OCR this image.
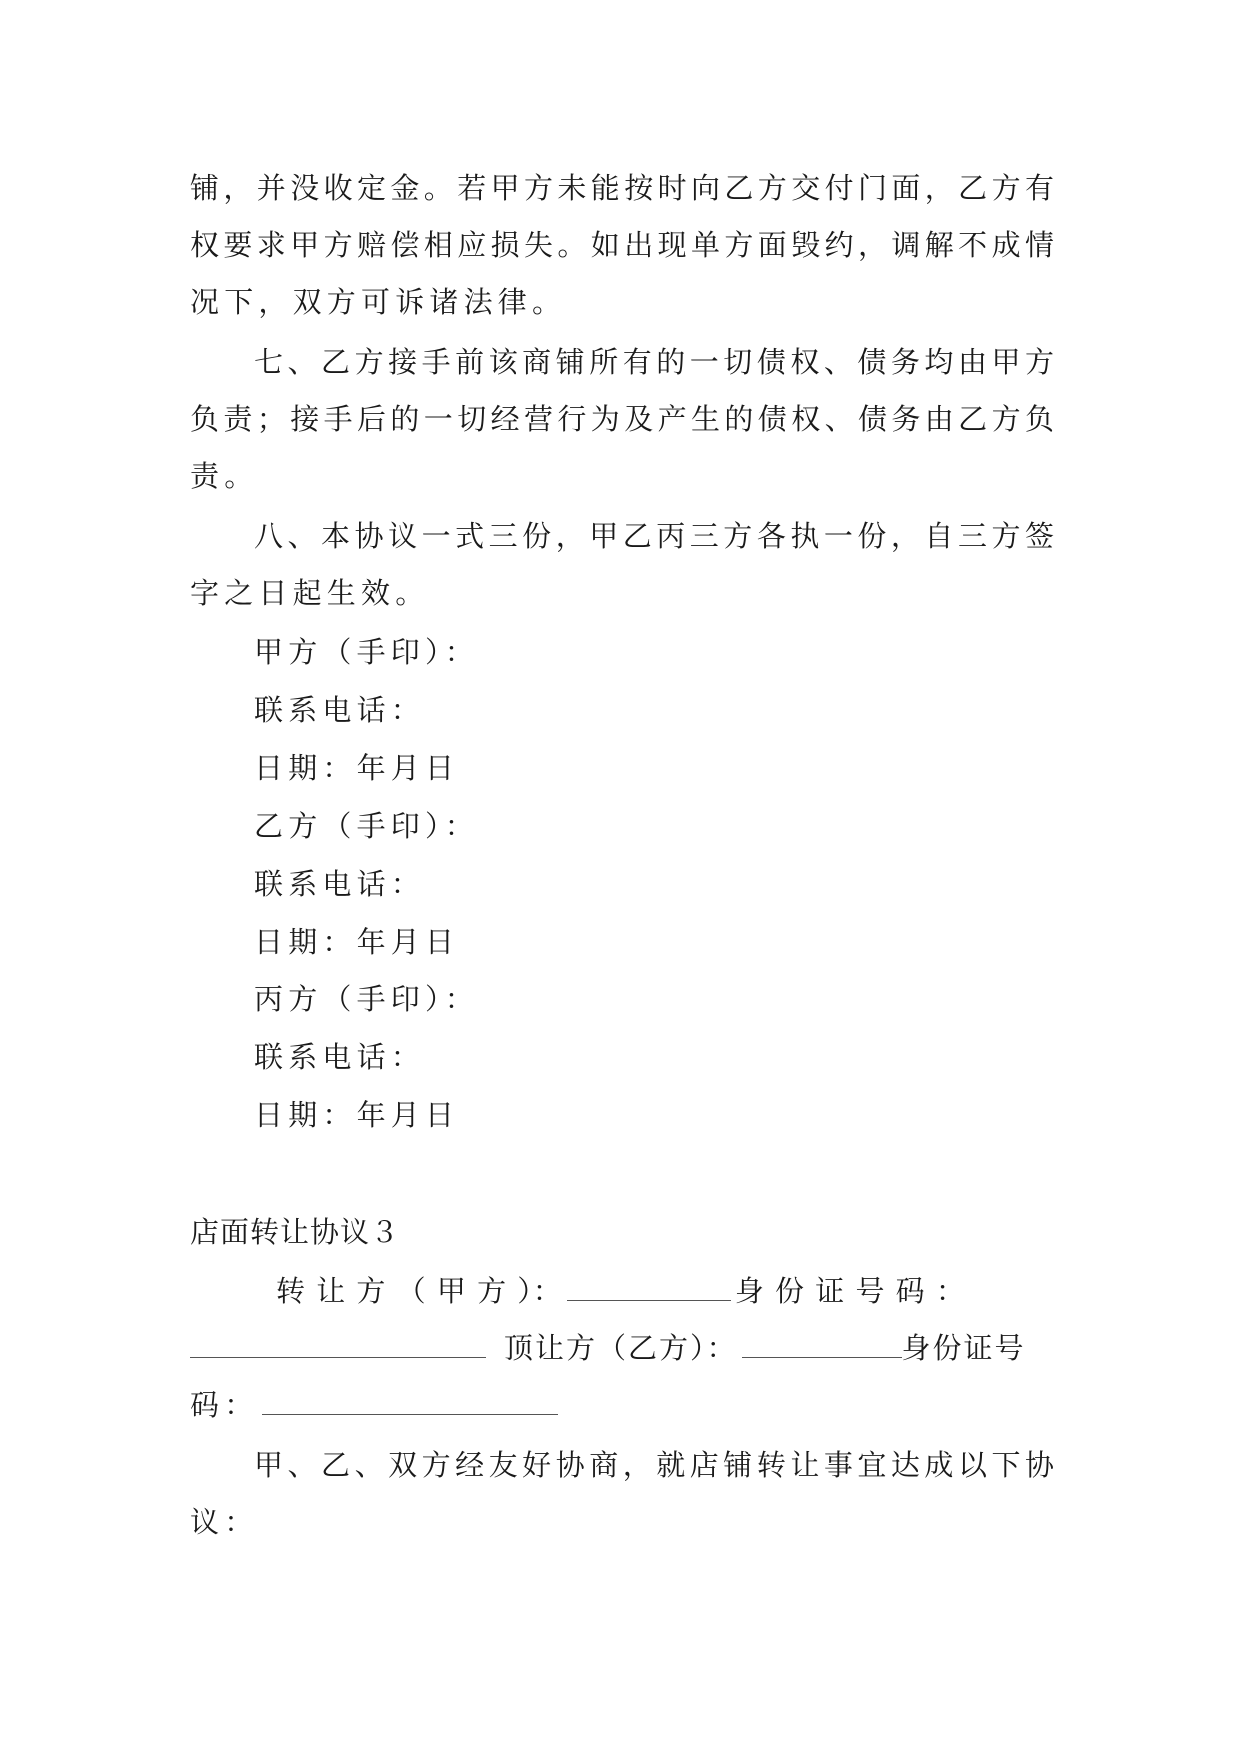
铺，并没收定金。若甲方未能按时向乙方交付门面，乙方有
权要求甲方赔偿相应损失。如出现单方面毁约，调解不成情
况下，双方可诉诸法律。
七、乙方接手前该商铺所有的一切债权、债务均由甲方
负责；接手后的一切经营行为及产生的债权、债务由乙方负
责。
八、本协议一式三份，甲乙丙三方各执一份，自三方签
字之日起生效。
甲方（手印）：
联系电话：
日期：年月日
乙方（手印）：
联系电话：
日期：年月日
丙方（手印）：
联系电话：
日期：年月日
店面转让协议３
转 让 方 （ 甲 方 ）：	身 份 证 号 码 ：
顶让方（乙方）：	身份证号
码：
甲、乙、双方经友好协商，就店铺转让事宜达成以下协
议：
